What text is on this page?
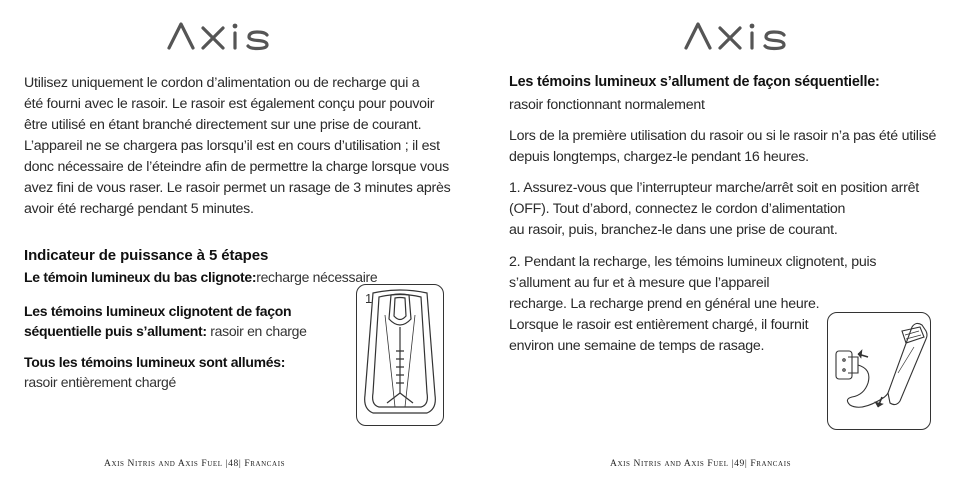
Utilisez uniquement le cordon d’alimentation ou de recharge qui a

été fourni avec le rasoir. Le rasoir est également conçu pour pouvoir

être utilisé en étant branché directement sur une prise de courant.

L’appareil ne se chargera pas lorsqu’il est en cours d’utilisation ; il est

donc nécessaire de l’éteindre afin de permettre la charge lorsque vous

avez fini de vous raser. Le rasoir permet un rasage de 3 minutes après

avoir été rechargé pendant 5 minutes.

Indicateur de puissance à 5 étapes
Le témoin lumineux du bas clignote:recharge nécessaire
Les témoins lumineux clignotent de façon
séquentielle puis s’allument: rasoir en charge
Tous les témoins lumineux sont allumés:
rasoir entièrement chargé
1
Axis Nitris and Axis Fuel |48| Francais
Les témoins lumineux s’allument de façon séquentielle:

rasoir fonctionnant normalement

Lors de la première utilisation du rasoir ou si le rasoir n’a pas été utilisé

depuis longtemps, chargez-le pendant 16 heures.

1. Assurez-vous que l’interrupteur marche/arrêt soit en position arrêt

(OFF). Tout d’abord, connectez le cordon d’alimentation

au rasoir, puis, branchez-le dans une prise de courant.

2. Pendant la recharge, les témoins lumineux clignotent, puis

s’allument au fur et à mesure que l’appareil

recharge. La recharge prend en général une heure.

Lorsque le rasoir est entièrement chargé, il fournit

environ une semaine de temps de rasage.

Axis Nitris and Axis Fuel |49| Francais
